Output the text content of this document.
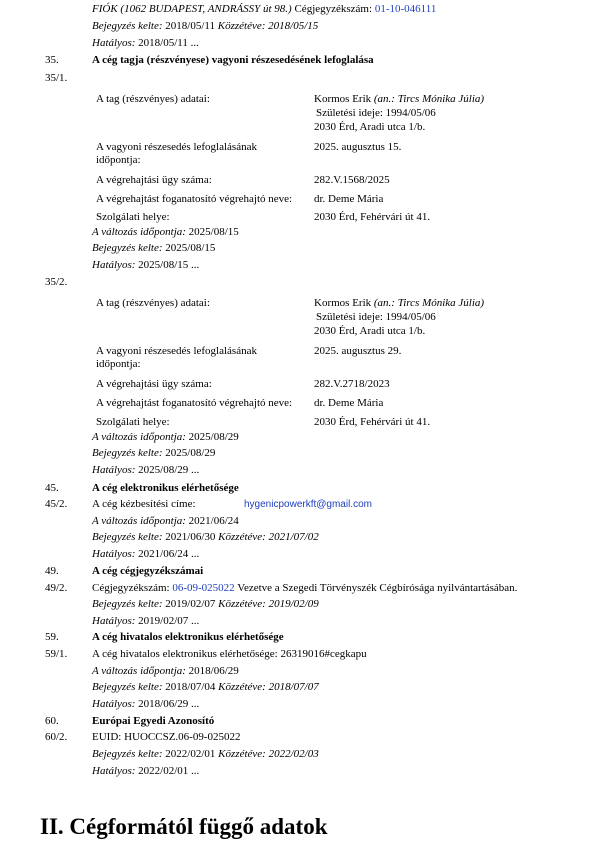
FIÓK (1062 BUDAPEST, ANDRÁSSY út 98.) Cégjegyzékszám: 01-10-046111
Bejegyzés kelte: 2018/05/11 Közzétéve: 2018/05/15
Hatályos: 2018/05/11 ...
35.	A cég tagja (részvényese) vagyoni részesedésének lefoglalása
35/1.
A tag (részvényes) adatai:	Kormos Erik (an.: Tircs Mónika Júlia)
Születési ideje: 1994/05/06
2030 Érd, Aradi utca 1/b.
A vagyoni részesedés lefoglalásának
időpontja:
2025. augusztus 15.
A végrehajtási ügy száma:	282.V.1568/2025
A végrehajtást foganatosító végrehajtó neve: dr. Deme Mária
Szolgálati helye:	2030 Érd, Fehérvári út 41.
A változás időpontja: 2025/08/15
Bejegyzés kelte: 2025/08/15
Hatályos: 2025/08/15 ...
35/2.
A tag (részvényes) adatai:	Kormos Erik (an.: Tircs Mónika Júlia)
Születési ideje: 1994/05/06
2030 Érd, Aradi utca 1/b.
A vagyoni részesedés lefoglalásának
időpontja:
2025. augusztus 29.
A végrehajtási ügy száma:	282.V.2718/2023
A végrehajtást foganatosító végrehajtó neve: dr. Deme Mária
Szolgálati helye:	2030 Érd, Fehérvári út 41.
A változás időpontja: 2025/08/29
Bejegyzés kelte: 2025/08/29
Hatályos: 2025/08/29 ...
45.	A cég elektronikus elérhetősége
45/2. A cég kézbesítési címe:	hygenicpowerkft@gmail.com
A változás időpontja: 2021/06/24
Bejegyzés kelte: 2021/06/30 Közzétéve: 2021/07/02
Hatályos: 2021/06/24 ...
49.	A cég cégjegyzékszámai
49/2. Cégjegyzékszám: 06-09-025022 Vezetve a Szegedi Törvényszék Cégbírósága nyilvántartásában.
Bejegyzés kelte: 2019/02/07 Közzétéve: 2019/02/09
Hatályos: 2019/02/07 ...
59.	A cég hivatalos elektronikus elérhetősége
59/1. A cég hivatalos elektronikus elérhetősége: 26319016#cegkapu
A változás időpontja: 2018/06/29
Bejegyzés kelte: 2018/07/04 Közzétéve: 2018/07/07
Hatályos: 2018/06/29 ...
60.	Európai Egyedi Azonosító
60/2. EUID: HUOCCSZ.06-09-025022
Bejegyzés kelte: 2022/02/01 Közzétéve: 2022/02/03
Hatályos: 2022/02/01 ...
II. Cégformától függő adatok
